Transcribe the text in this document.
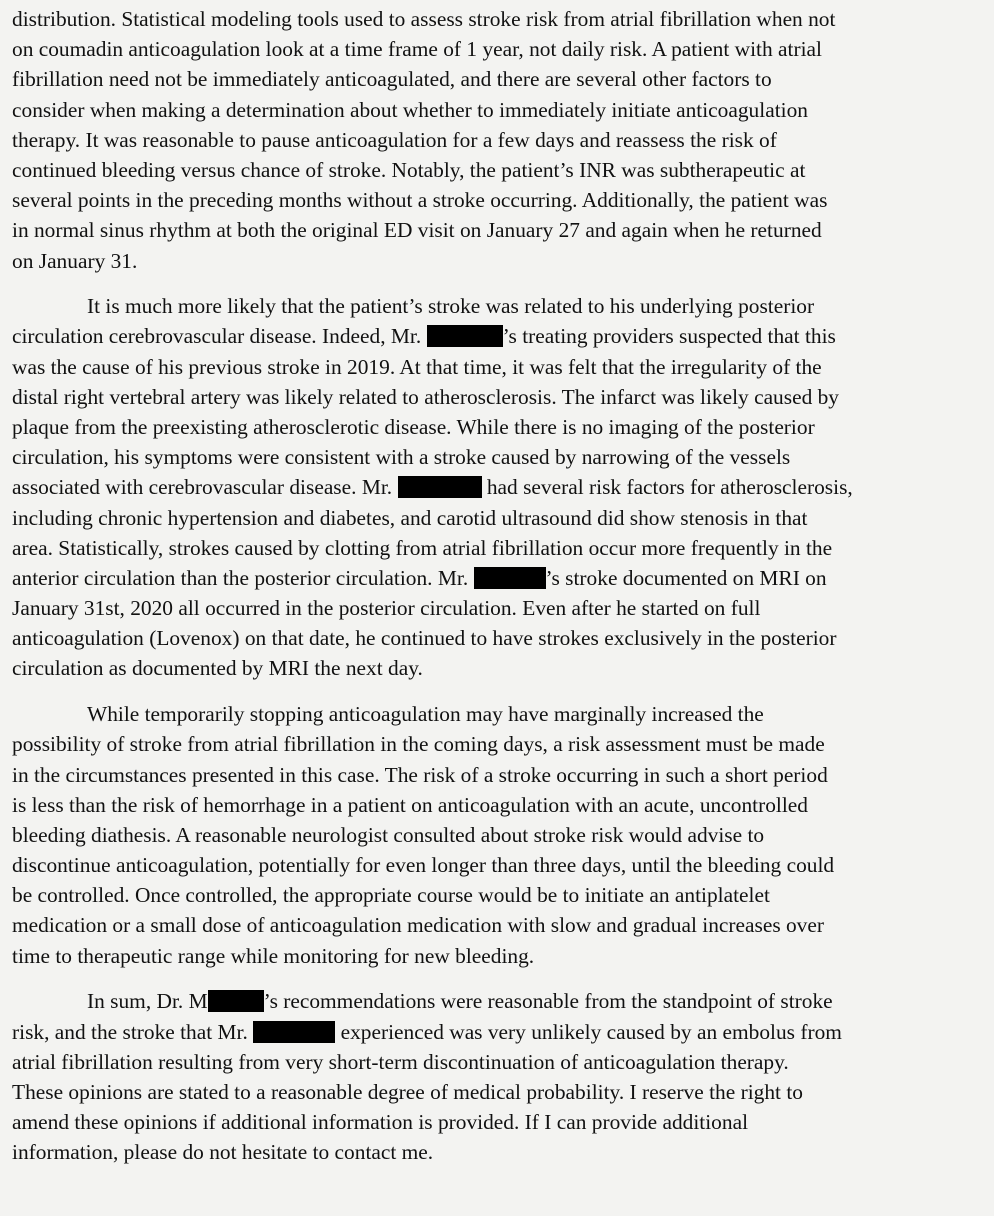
distribution. Statistical modeling tools used to assess stroke risk from atrial fibrillation when not
on coumadin anticoagulation look at a time frame of 1 year, not daily risk. A patient with atrial
fibrillation need not be immediately anticoagulated, and there are several other factors to
consider when making a determination about whether to immediately initiate anticoagulation
therapy. It was reasonable to pause anticoagulation for a few days and reassess the risk of
continued bleeding versus chance of stroke. Notably, the patient’s INR was subtherapeutic at
several points in the preceding months without a stroke occurring. Additionally, the patient was
in normal sinus rhythm at both the original ED visit on January 27 and again when he returned
on January 31.
It is much more likely that the patient’s stroke was related to his underlying posterior
circulation cerebrovascular disease. Indeed, Mr.	’s treating providers suspected that this
was the cause of his previous stroke in 2019. At that time, it was felt that the irregularity of the
distal right vertebral artery was likely related to atherosclerosis. The infarct was likely caused by
plaque from the preexisting atherosclerotic disease. While there is no imaging of the posterior
circulation, his symptoms were consistent with a stroke caused by narrowing of the vessels
associated with cerebrovascular disease. Mr.	had several risk factors for atherosclerosis,
including chronic hypertension and diabetes, and carotid ultrasound did show stenosis in that
area. Statistically, strokes caused by clotting from atrial fibrillation occur more frequently in the
anterior circulation than the posterior circulation. Mr.	’s stroke documented on MRI on
January 31st, 2020 all occurred in the posterior circulation. Even after he started on full
anticoagulation (Lovenox) on that date, he continued to have strokes exclusively in the posterior
circulation as documented by MRI the next day.
While temporarily stopping anticoagulation may have marginally increased the
possibility of stroke from atrial fibrillation in the coming days, a risk assessment must be made
in the circumstances presented in this case. The risk of a stroke occurring in such a short period
is less than the risk of hemorrhage in a patient on anticoagulation with an acute, uncontrolled
bleeding diathesis. A reasonable neurologist consulted about stroke risk would advise to
discontinue anticoagulation, potentially for even longer than three days, until the bleeding could
be controlled. Once controlled, the appropriate course would be to initiate an antiplatelet
medication or a small dose of anticoagulation medication with slow and gradual increases over
time to therapeutic range while monitoring for new bleeding.
In sum, Dr. M	’s recommendations were reasonable from the standpoint of stroke
risk, and the stroke that Mr.	experienced was very unlikely caused by an embolus from
atrial fibrillation resulting from very short-term discontinuation of anticoagulation therapy.
These opinions are stated to a reasonable degree of medical probability. I reserve the right to
amend these opinions if additional information is provided. If I can provide additional
information, please do not hesitate to contact me.
